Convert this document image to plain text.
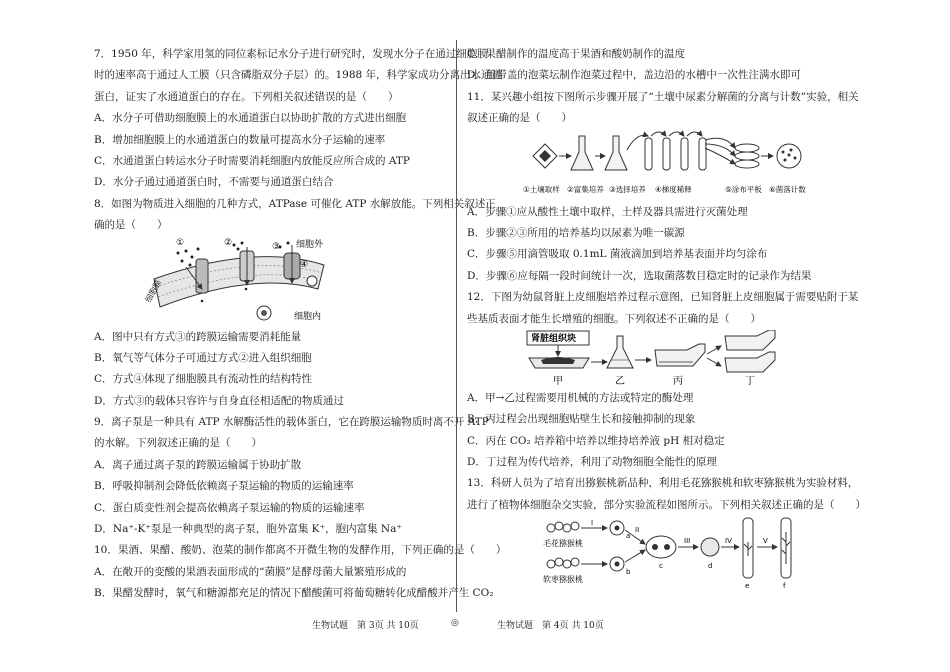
7．1950 年，科学家用氢的同位素标记水分子进行研究时，发现水分子在通过细胞膜
时的速率高于通过人工膜（只含磷脂双分子层）的。1988 年，科学家成功分离出水通道
蛋白，证实了水通道蛋白的存在。下列相关叙述错误的是（　　）
A．水分子可借助细胞膜上的水通道蛋白以协助扩散的方式进出细胞
B．增加细胞膜上的水通道蛋白的数量可提高水分子运输的速率
C．水通道蛋白转运水分子时需要消耗细胞内放能反应所合成的 ATP
D．水分子通过通道蛋白时，不需要与通道蛋白结合
8．如图为物质进入细胞的几种方式，ATPase 可催化 ATP 水解放能。下列相关叙述正
确的是（　　）
①	②	③
④
细胞外
细胞膜
细胞内
A．图中只有方式③的跨膜运输需要消耗能量
B．氧气等气体分子可通过方式②进入组织细胞
C．方式④体现了细胞膜具有流动性的结构特性
D．方式③的载体只容许与自身直径相适配的物质通过
9．离子泵是一种具有 ATP 水解酶活性的载体蛋白，它在跨膜运输物质时离不开 ATP
的水解。下列叙述正确的是（　　）
A．离子通过离子泵的跨膜运输属于协助扩散
B．呼吸抑制剂会降低依赖离子泵运输的物质的运输速率
C．蛋白质变性剂会提高依赖离子泵运输的物质的运输速率
D．Na⁺-K⁺泵是一种典型的离子泵，胞外富集 K⁺，胞内富集 Na⁺
10．果酒、果醋、酸奶、泡菜的制作都离不开微生物的发酵作用，下列正确的是（　　）
A．在敞开的变酸的果酒表面形成的“菌膜”是酵母菌大量繁殖形成的
B．果醋发酵时，氧气和糖源都充足的情况下醋酸菌可将葡萄糖转化成醋酸并产生 CO₂
C．果醋制作的温度高于果酒和酸奶制作的温度
D．用带盖的泡菜坛制作泡菜过程中，盖边沿的水槽中一次性注满水即可
11．某兴趣小组按下图所示步骤开展了“土壤中尿素分解菌的分离与计数”实验，相关
叙述正确的是（　　）
①土壤取样 ②富集培养 ③选择培养 ④梯度稀释	⑤涂布平板 ⑥菌落计数
A．步骤①应从酸性土壤中取样，土样及器具需进行灭菌处理
B．步骤②③所用的培养基均以尿素为唯一碳源
C．步骤⑤用滴管吸取 0.1mL 菌液滴加到培养基表面并均匀涂布
D．步骤⑥应每隔一段时间统计一次，选取菌落数目稳定时的记录作为结果
12．下图为幼鼠肾脏上皮细胞培养过程示意图，已知肾脏上皮细胞属于需要贴附于某
些基质表面才能生长增殖的细胞。下列叙述不正确的是（　　）
肾脏组织块
甲	乙	丙	丁
A．甲→乙过程需要用机械的方法或特定的酶处理
B．丙过程会出现细胞贴壁生长和接触抑制的现象
C．丙在 CO₂ 培养箱中培养以维持培养液 pH 相对稳定
D．丁过程为传代培养，利用了动物细胞全能性的原理
13．科研人员为了培育出猕猴桃新品种，利用毛花猕猴桃和软枣猕猴桃为实验材料，
进行了植物体细胞杂交实验，部分实验流程如图所示。下列相关叙述正确的是（　　）
毛花猕猴桃
软枣猕猴桃
I
a
b
II
c
III
d
IV
e
V
f
生物试题　第 3页 共 10页	◎	生物试题　第 4页 共 10页
